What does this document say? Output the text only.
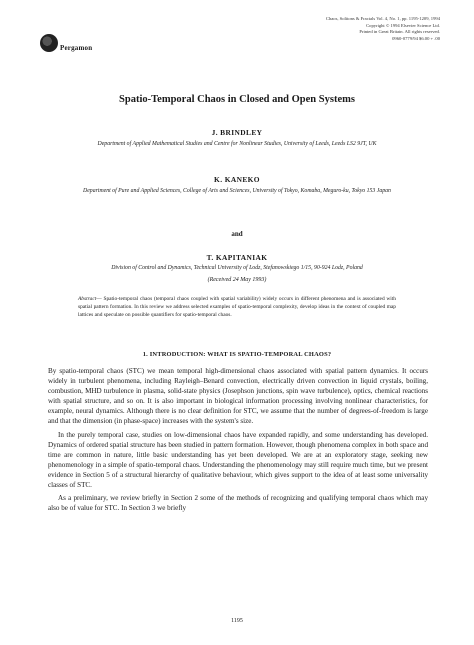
Pergamon
Chaos, Solitons & Fractals Vol. 4, No. 1, pp. 1195-1209, 1994
Copyright © 1994 Elsevier Science Ltd.
Printed in Great Britain. All rights reserved.
0960-0779/94 $6.00 + .00
Spatio-Temporal Chaos in Closed and Open Systems
J. BRINDLEY
Department of Applied Mathematical Studies and Centre for Nonlinear Studies, University of Leeds, Leeds LS2 9JT, UK
K. KANEKO
Department of Pure and Applied Sciences, College of Arts and Sciences, University of Tokyo, Komaba, Meguro-ku, Tokyo 153 Japan
and
T. KAPITANIAK
Division of Control and Dynamics, Technical University of Lodz, Stefanowskiego 1/15, 90-924 Lodz, Poland
(Received 24 May 1993)
Abstract— Spatio-temporal chaos (temporal chaos coupled with spatial variability) widely occurs in different phenomena and is associated with spatial pattern formation. In this review we address selected examples of spatio-temporal complexity, develop ideas in the context of coupled map lattices and speculate on possible quantifiers for spatio-temporal chaos.
1. INTRODUCTION: WHAT IS SPATIO-TEMPORAL CHAOS?

By spatio-temporal chaos (STC) we mean temporal high-dimensional chaos associated with spatial pattern dynamics. It occurs widely in turbulent phenomena, including Rayleigh–Benard convection, electrically driven convection in liquid crystals, boiling, combustion, MHD turbulence in plasma, solid-state physics (Josephson junctions, spin wave turbulence), optics, chemical reactions with spatial structure, and so on. It is also important in biological information processing involving nonlinear characteristics, for example, neural dynamics. Although there is no clear definition for STC, we assume that the number of degrees-of-freedom is large and that the dimension (in phase-space) increases with the system's size.

In the purely temporal case, studies on low-dimensional chaos have expanded rapidly, and some understanding has developed. Dynamics of ordered spatial structure has been studied in pattern formation. However, though phenomena complex in both space and time are common in nature, little basic understanding has yet been developed. We are at an exploratory stage, seeking new phenomenology in a simple of spatio-temporal chaos. Understanding the phenomenology may still require much time, but we present evidence in Section 5 of a structural hierarchy of qualitative behaviour, which gives support to the idea of at least some universality classes of STC.

As a preliminary, we review briefly in Section 2 some of the methods of recognizing and qualifying temporal chaos which may also be of value for STC. In Section 3 we briefly

1195
